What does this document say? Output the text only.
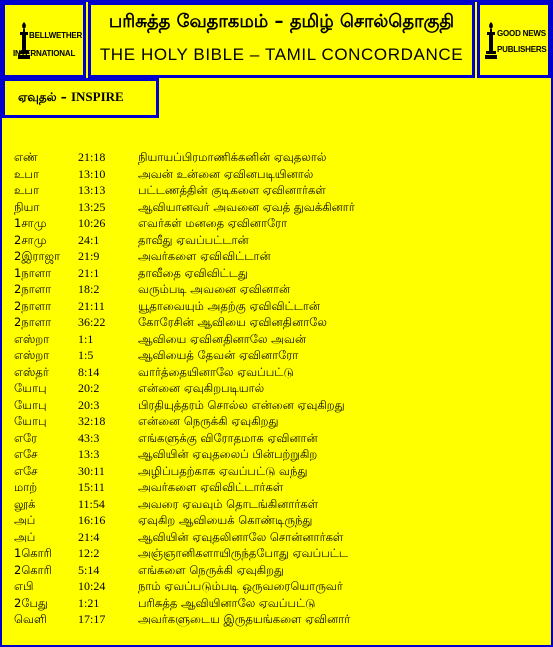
BELLWETHER
INTERNATIONAL
பரிசுத்த வேதாகமம் – தமிழ் சொல்தொகுதி
THE HOLY BIBLE – TAMIL CONCORDANCE
GOOD NEWS
PUBLISHERS
ஏவுதல் – INSPIRE
எண்	21:18	நியாயப்பிரமாணிக்கனின் ஏவுதலால்
உபா	13:10	அவன் உன்னை ஏவினபடியினால்
உபா	13:13	பட்டணத்தின் குடிகளை ஏவினார்கள்
நியா	13:25	ஆவியானவர் அவனை ஏவத் துவக்கினார்
1சாமு	10:26	எவர்கள் மனதை ஏவினாரோ
2சாமு	24:1	தாவீது ஏவப்பட்டான்
2இராஜா 21:9	அவர்களை ஏவிவிட்டான்
1நாளா 21:1	தாவீதை ஏவிவிட்டது
2நாளா 18:2	வரும்படி அவனை ஏவினான்
2நாளா 21:11	யூதாவையும் அதற்கு ஏவிவிட்டான்
2நாளா 36:22	கோரேசின் ஆவியை ஏவினதினாலே
எஸ்றா 1:1	ஆவியை ஏவினதினாலே அவன்
எஸ்றா 1:5	ஆவியைத் தேவன் ஏவினாரோ
எஸ்தர் 8:14	வார்த்தையினாலே ஏவப்பட்டு
யோபு	20:2	என்னை ஏவுகிறபடியால்
யோபு	20:3	பிரதியுத்தரம் சொல்ல என்னை ஏவுகிறது
யோபு	32:18	என்னை நெருக்கி ஏவுகிறது
எரே	43:3	எங்களுக்கு விரோதமாக ஏவினான்
எசே	13:3	ஆவியின் ஏவுதலைப் பின்பற்றுகிற
எசே	30:11	அழிப்பதற்காக ஏவப்பட்டு வந்து
மாற்	15:11	அவர்களை ஏவிவிட்டார்கள்
லூக்	11:54	அவரை ஏவவும் தொடங்கினார்கள்
அப்	16:16	ஏவுகிற ஆவியைக் கொண்டிருந்து
அப்	21:4	ஆவியின் ஏவுதலினாலே சொன்னார்கள்
1கொரி 12:2	அஞ்ஞானிகளாயிருந்தபோது ஏவப்பட்ட
2கொரி 5:14	எங்களை நெருக்கி ஏவுகிறது
எபி	10:24	நாம் ஏவப்படும்படி ஒருவரையொருவர்
2பேது 1:21	பரிசுத்த ஆவியினாலே ஏவப்பட்டு
வெளி	17:17	அவர்களுடைய இருதயங்களை ஏவினார்
